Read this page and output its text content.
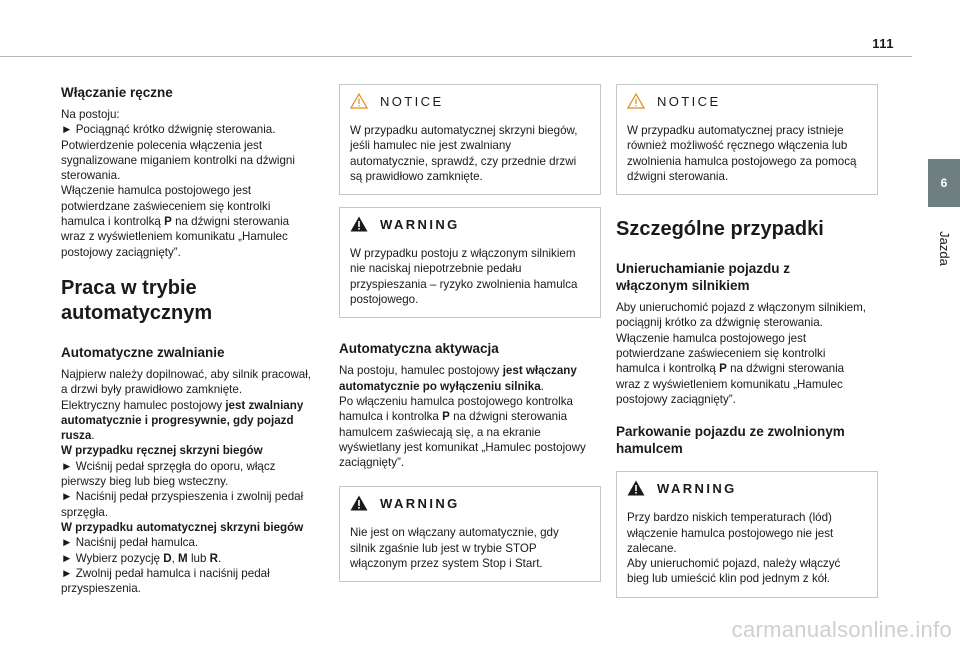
111
6
Jazda
Włączanie ręczne
Na postoju:
► Pociągnąć krótko dźwignię sterowania.
Potwierdzenie polecenia włączenia jest
sygnalizowane miganiem kontrolki na dźwigni
sterowania.
Włączenie hamulca postojowego jest
potwierdzane zaświeceniem się kontrolki
hamulca i kontrolką P na dźwigni sterowania
wraz z wyświetleniem komunikatu „Hamulec
postojowy zaciągnięty”.
Praca w trybie
automatycznym
Automatyczne zwalnianie
Najpierw należy dopilnować, aby silnik pracował,
a drzwi były prawidłowo zamknięte.
Elektryczny hamulec postojowy jest zwalniany
automatycznie i progresywnie, gdy pojazd
rusza.
W przypadku ręcznej skrzyni biegów
► Wciśnij pedał sprzęgła do oporu, włącz
pierwszy bieg lub bieg wsteczny.
► Naciśnij pedał przyspieszenia i zwolnij pedał
sprzęgła.
W przypadku automatycznej skrzyni biegów
► Naciśnij pedał hamulca.
► Wybierz pozycję D, M lub R.
► Zwolnij pedał hamulca i naciśnij pedał
przyspieszenia.
NOTICE
W przypadku automatycznej skrzyni biegów,
jeśli hamulec nie jest zwalniany
automatycznie, sprawdź, czy przednie drzwi
są prawidłowo zamknięte.
WARNING
W przypadku postoju z włączonym silnikiem
nie naciskaj niepotrzebnie pedału
przyspieszania – ryzyko zwolnienia hamulca
postojowego.
Automatyczna aktywacja
Na postoju, hamulec postojowy jest włączany
automatycznie po wyłączeniu silnika.
Po włączeniu hamulca postojowego kontrolka
hamulca i kontrolka P na dźwigni sterowania
hamulcem zaświecają się, a na ekranie
wyświetlany jest komunikat „Hamulec postojowy
zaciągnięty”.
WARNING
Nie jest on włączany automatycznie, gdy
silnik zgaśnie lub jest w trybie STOP
włączonym przez system Stop i Start.
NOTICE
W przypadku automatycznej pracy istnieje
również możliwość ręcznego włączenia lub
zwolnienia hamulca postojowego za pomocą
dźwigni sterowania.
Szczególne przypadki
Unieruchamianie pojazdu z
włączonym silnikiem
Aby unieruchomić pojazd z włączonym silnikiem,
pociągnij krótko za dźwignię sterowania.
Włączenie hamulca postojowego jest
potwierdzane zaświeceniem się kontrolki
hamulca i kontrolką P na dźwigni sterowania
wraz z wyświetleniem komunikatu „Hamulec
postojowy zaciągnięty”.
Parkowanie pojazdu ze zwolnionym
hamulcem
WARNING
Przy bardzo niskich temperaturach (lód)
włączenie hamulca postojowego nie jest
zalecane.
Aby unieruchomić pojazd, należy włączyć
bieg lub umieścić klin pod jednym z kół.
carmanualsonline.info
